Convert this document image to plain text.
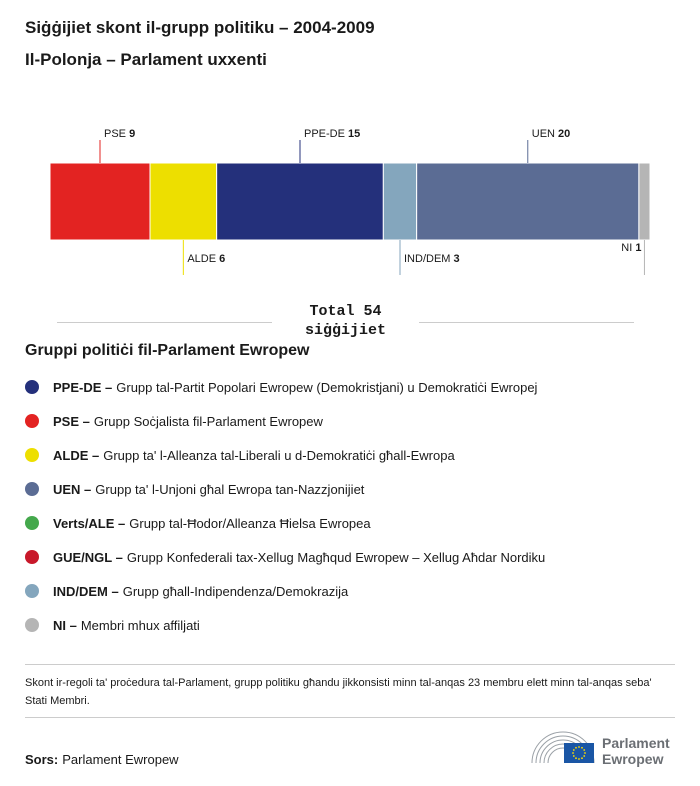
Siġġijiet skont il-grupp politiku – 2004-2009
Il-Polonja – Parlament uxxenti
PSE 9
ALDE 6
PPE-DE 15
IND/DEM 3
UEN 20
NI 1
Total 54
siġġijiet
Gruppi politiċi fil-Parlament Ewropew
PPE-DE – Grupp tal-Partit Popolari Ewropew (Demokristjani) u Demokratiċi Ewropej
PSE – Grupp Soċjalista fil-Parlament Ewropew
ALDE – Grupp ta' l-Alleanza tal-Liberali u d-Demokratiċi għall-Ewropa
UEN – Grupp ta' l-Unjoni għal Ewropa tan-Nazzjonijiet
Verts/ALE – Grupp tal-Ħodor/Alleanza Ħielsa Ewropea
GUE/NGL – Grupp Konfederali tax-Xellug Magħqud Ewropew – Xellug Aħdar Nordiku
IND/DEM – Grupp għall-Indipendenza/Demokrazija
NI – Membri mhux affiljati

Skont ir-regoli ta' proċedura tal-Parlament, grupp politiku għandu jikkonsisti minn tal-anqas 23 membru elett minn tal-anqas seba' Stati Membri.

Sors: Parlament Ewropew
Parlament
Ewropew
